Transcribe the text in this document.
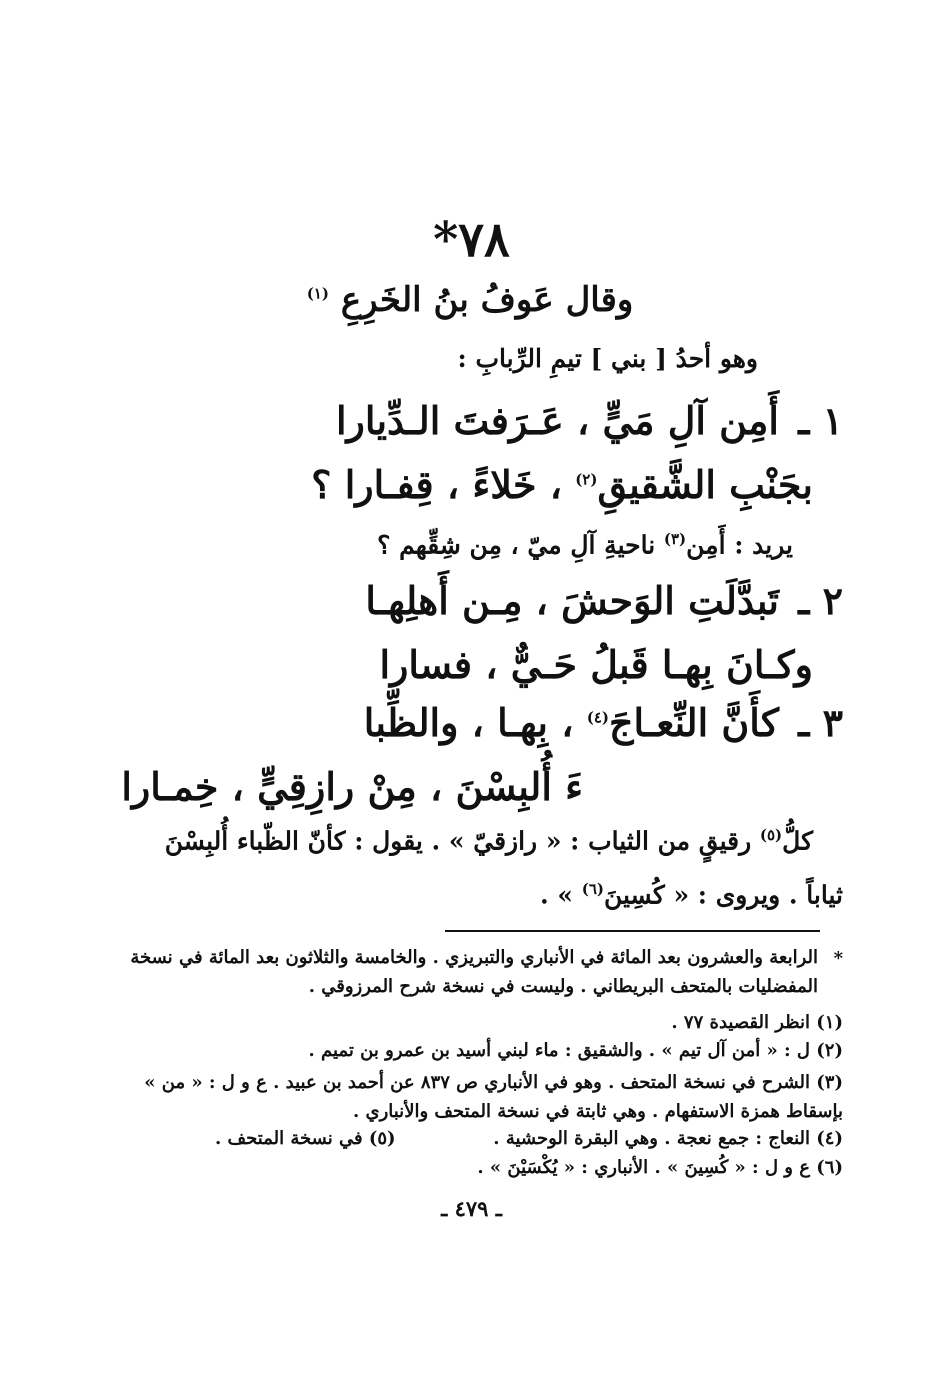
٧٨*
وقال عَوفُ بنُ الخَرِعِ $^{(١)}$
وهو أحدُ [ بني ] تيمِ الرِّبابِ :
١ ـ أَمِن آلِ مَيٍّ ، عَـرَفتَ الـدِّيارا
بجَنْبِ الشَّقيقِ$^{(٢)}$ ، خَلاءً ، قِفـارا ؟
يريد : أَمِن$^{(٣)}$ ناحيةِ آلِ ميّ ، مِن شِقِّهم ؟
٢ ـ تَبدَّلَتِ الوَحشَ ، مِـن أَهلِهـا
وكـانَ بِهـا قَبلُ حَـيٌّ ، فسارا
٣ ـ كأَنَّ النِّعـاجَ$^{(٤)}$ ، بِهـا ، والظِّبا
ءَ أُلبِسْنَ ، مِنْ رازِقِيٍّ ، خِمـارا
كلُّ$^{(٥)}$ رقيقٍ من الثياب : « رازقيّ » . يقول : كأنّ الظّباء أُلبِسْنَ
ثياباً . ويروى : « كُسِينَ$^{(٦)}$ » .
*
الرابعة والعشرون بعد المائة في الأنباري والتبريزي . والخامسة والثلاثون بعد المائة في نسخة المفضليات بالمتحف البريطاني . وليست في نسخة شرح المرزوقي .
(١) انظر القصيدة ٧٧ .
(٢) ل : « أمن آل تيم » . والشقيق : ماء لبني أسيد بن عمرو بن تميم .
(٣) الشرح في نسخة المتحف . وهو في الأنباري ص ٨٣٧ عن أحمد بن عبيد . ع و ل : « من » بإسقاط همزة الاستفهام . وهي ثابتة في نسخة المتحف والأنباري .
(٤) النعاج : جمع نعجة . وهي البقرة الوحشية .
(٥) في نسخة المتحف .
(٦) ع و ل : « كُسِينَ » . الأنباري : « يُكْسَيْنَ » .
ـ ٤٧٩ ـ
